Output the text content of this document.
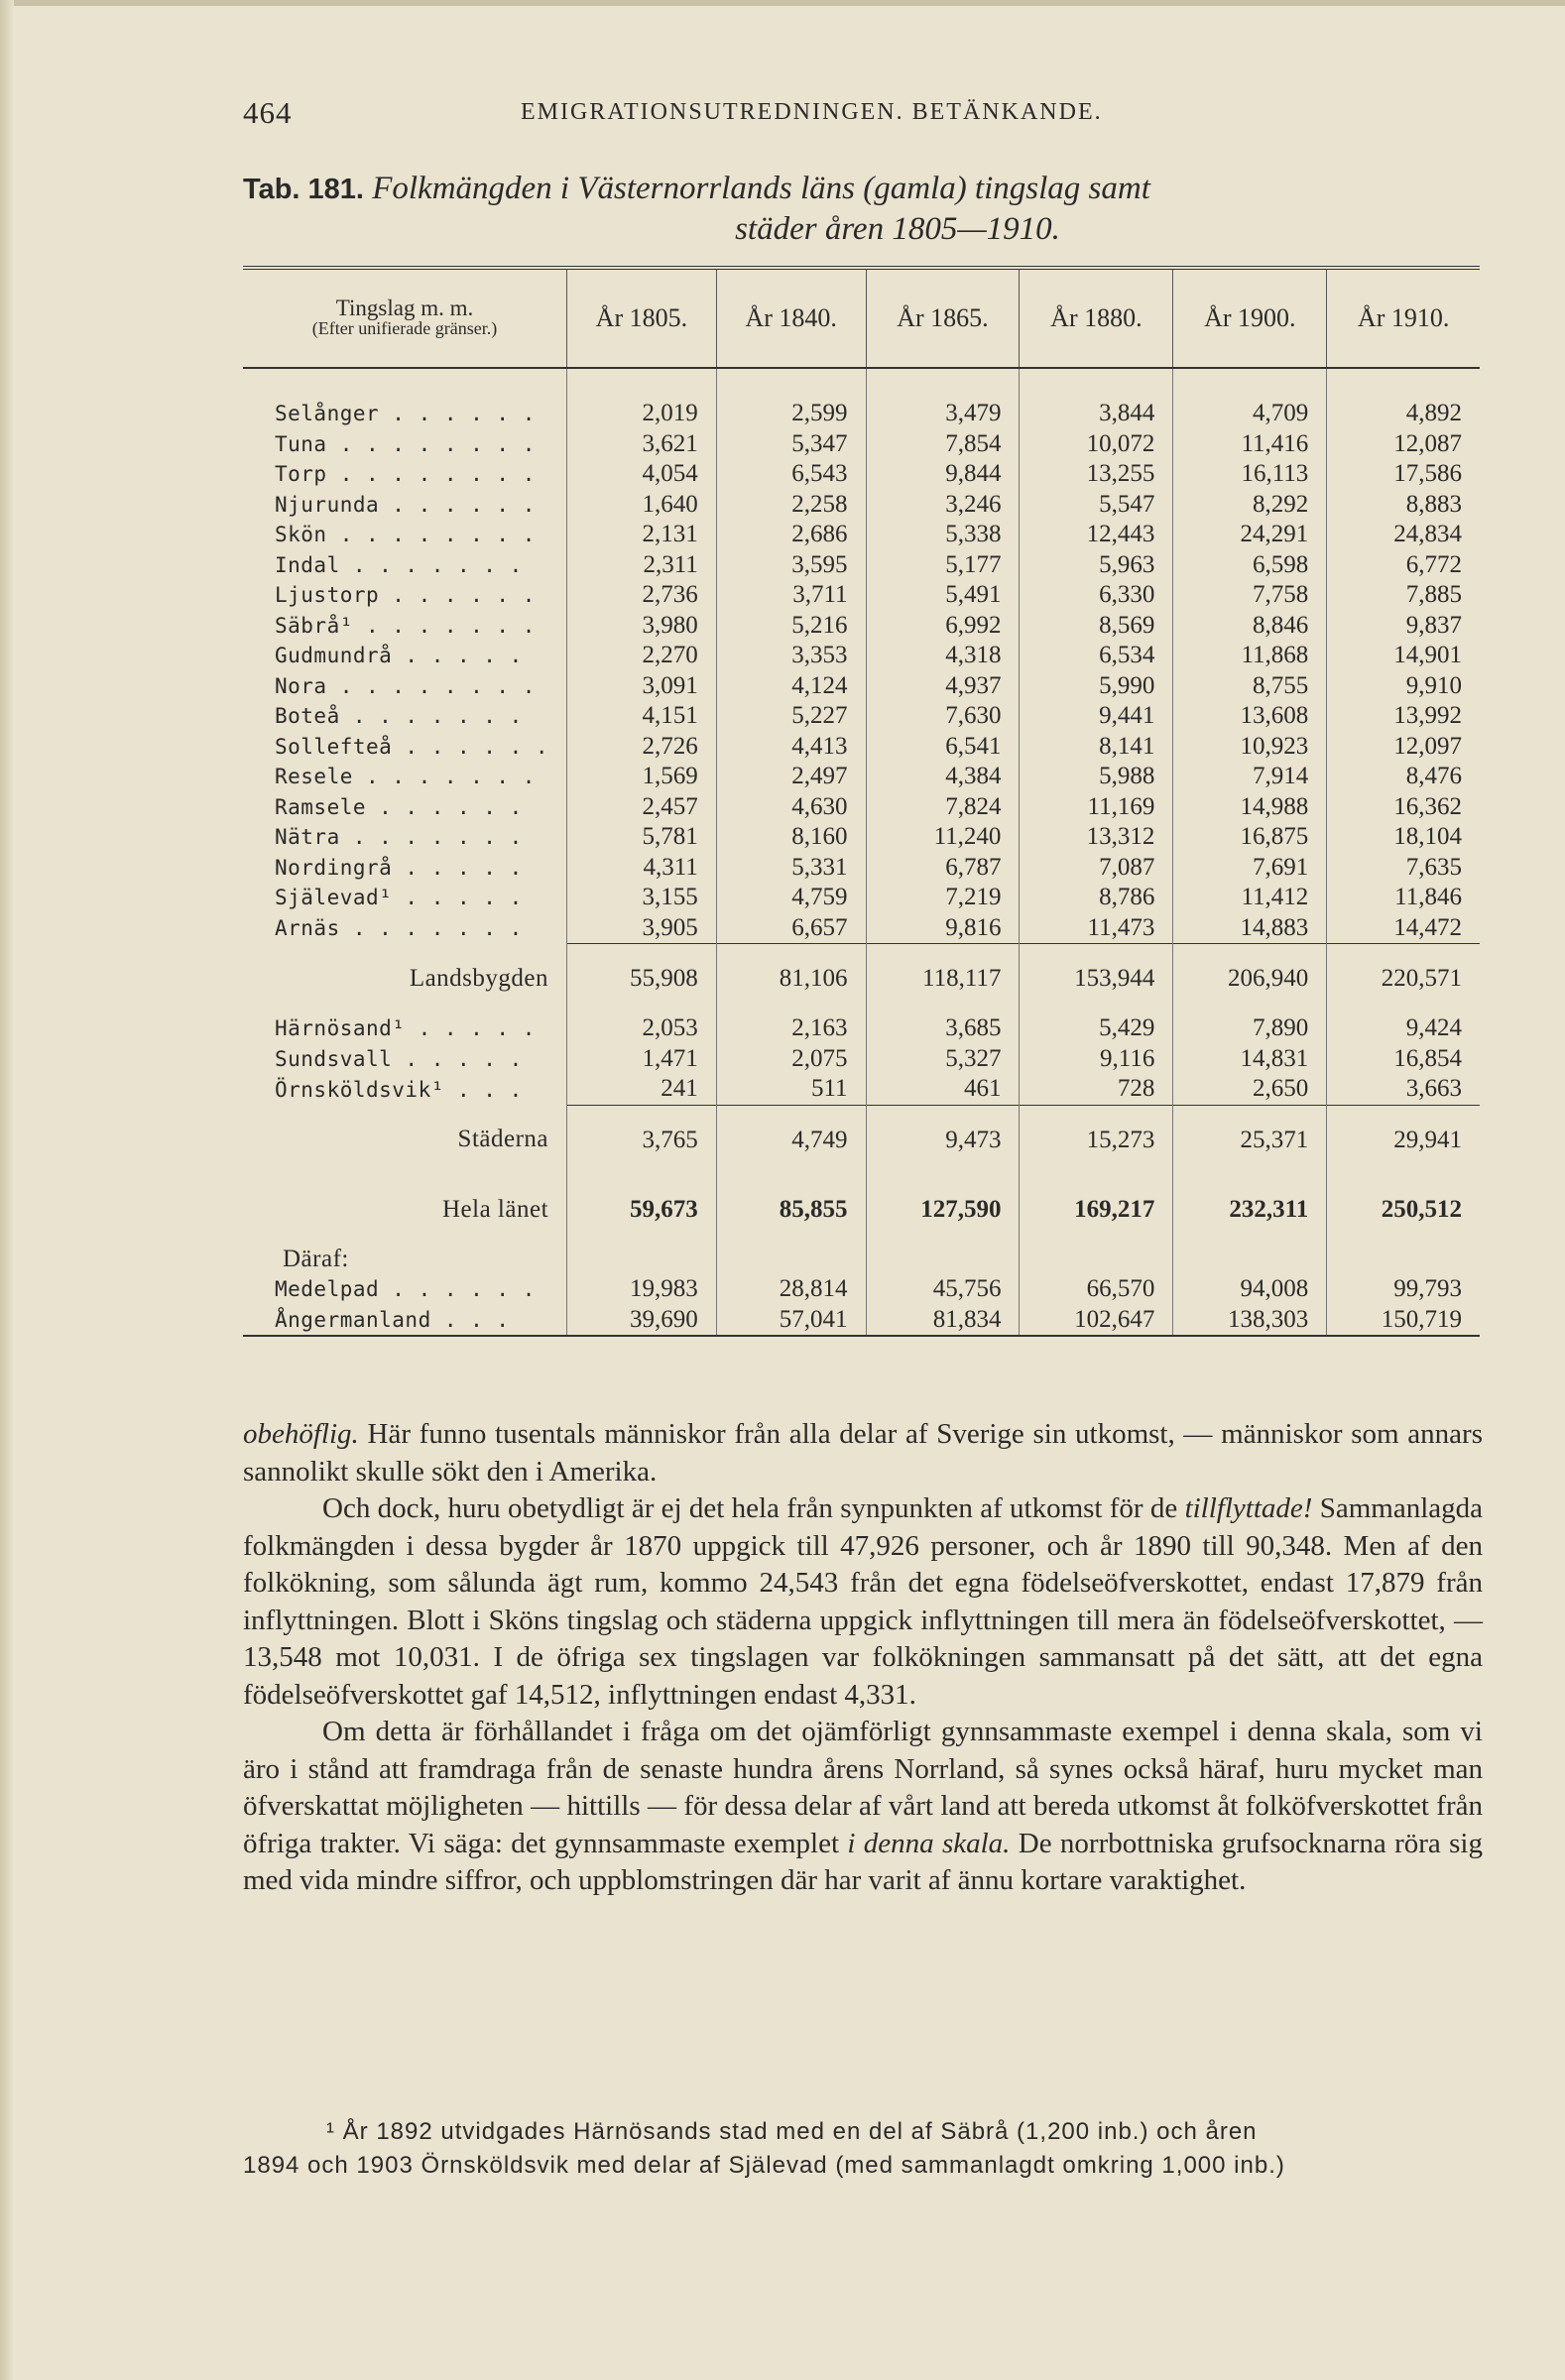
464	EMIGRATIONSUTREDNINGEN. BETÄNKANDE.
Tab. 181. Folkmängden i Västernorrlands läns (gamla) tingslag samt
städer åren 1805—1910.
Tingslag m. m.
(Efter unifierade gränser.)	År 1805.	År 1840.	År 1865.	År 1880.	År 1900.	År 1910.

Selånger . . . . . .	2,019	2,599	3,479	3,844	4,709	4,892
Tuna . . . . . . . .	3,621	5,347	7,854	10,072	11,416	12,087
Torp . . . . . . . .	4,054	6,543	9,844	13,255	16,113	17,586
Njurunda . . . . . .	1,640	2,258	3,246	5,547	8,292	8,883
Skön . . . . . . . .	2,131	2,686	5,338	12,443	24,291	24,834
Indal . . . . . . .	2,311	3,595	5,177	5,963	6,598	6,772
Ljustorp . . . . . .	2,736	3,711	5,491	6,330	7,758	7,885
Säbrå¹ . . . . . . .	3,980	5,216	6,992	8,569	8,846	9,837
Gudmundrå . . . . .	2,270	3,353	4,318	6,534	11,868	14,901
Nora . . . . . . . .	3,091	4,124	4,937	5,990	8,755	9,910
Boteå . . . . . . .	4,151	5,227	7,630	9,441	13,608	13,992
Sollefteå . . . . . .	2,726	4,413	6,541	8,141	10,923	12,097
Resele . . . . . . .	1,569	2,497	4,384	5,988	7,914	8,476
Ramsele . . . . . .	2,457	4,630	7,824	11,169	14,988	16,362
Nätra . . . . . . .	5,781	8,160	11,240	13,312	16,875	18,104
Nordingrå . . . . .	4,311	5,331	6,787	7,087	7,691	7,635
Själevad¹ . . . . .	3,155	4,759	7,219	8,786	11,412	11,846
Arnäs . . . . . . .	3,905	6,657	9,816	11,473	14,883	14,472
Landsbygden	55,908	81,106	118,117	153,944	206,940	220,571
Härnösand¹ . . . . .	2,053	2,163	3,685	5,429	7,890	9,424
Sundsvall . . . . .	1,471	2,075	5,327	9,116	14,831	16,854
Örnsköldsvik¹ . . .	241	511	461	728	2,650	3,663
Städerna	3,765	4,749	9,473	15,273	25,371	29,941
Hela länet	59,673	85,855	127,590	169,217	232,311	250,512
Däraf:						
Medelpad . . . . . .	19,983	28,814	45,756	66,570	94,008	99,793
Ångermanland . . .	39,690	57,041	81,834	102,647	138,303	150,719

obehöflig. Här funno tusentals människor från alla delar af Sverige sin utkomst, — människor som annars sannolikt skulle sökt den i Amerika.

Och dock, huru obetydligt är ej det hela från synpunkten af utkomst för de tillflyttade! Sammanlagda folkmängden i dessa bygder år 1870 uppgick till 47,926 personer, och år 1890 till 90,348. Men af den folkökning, som sålunda ägt rum, kommo 24,543 från det egna födelseöfverskottet, endast 17,879 från inflyttningen. Blott i Sköns tingslag och städerna uppgick inflyttningen till mera än födelseöfverskottet, — 13,548 mot 10,031. I de öfriga sex tingslagen var folkökningen sammansatt på det sätt, att det egna födelseöfverskottet gaf 14,512, inflyttningen endast 4,331.

Om detta är förhållandet i fråga om det ojämförligt gynnsammaste exempel i denna skala, som vi äro i stånd att framdraga från de senaste hundra årens Norrland, så synes också häraf, huru mycket man öfverskattat möjligheten — hittills — för dessa delar af vårt land att bereda utkomst åt folköfverskottet från öfriga trakter. Vi säga: det gynnsammaste exemplet i denna skala. De norrbottniska grufsocknarna röra sig med vida mindre siffror, och uppblomstringen där har varit af ännu kortare varaktighet.

¹ År 1892 utvidgades Härnösands stad med en del af Säbrå (1,200 inb.) och åren
1894 och 1903 Örnsköldsvik med delar af Själevad (med sammanlagdt omkring 1,000 inb.)
